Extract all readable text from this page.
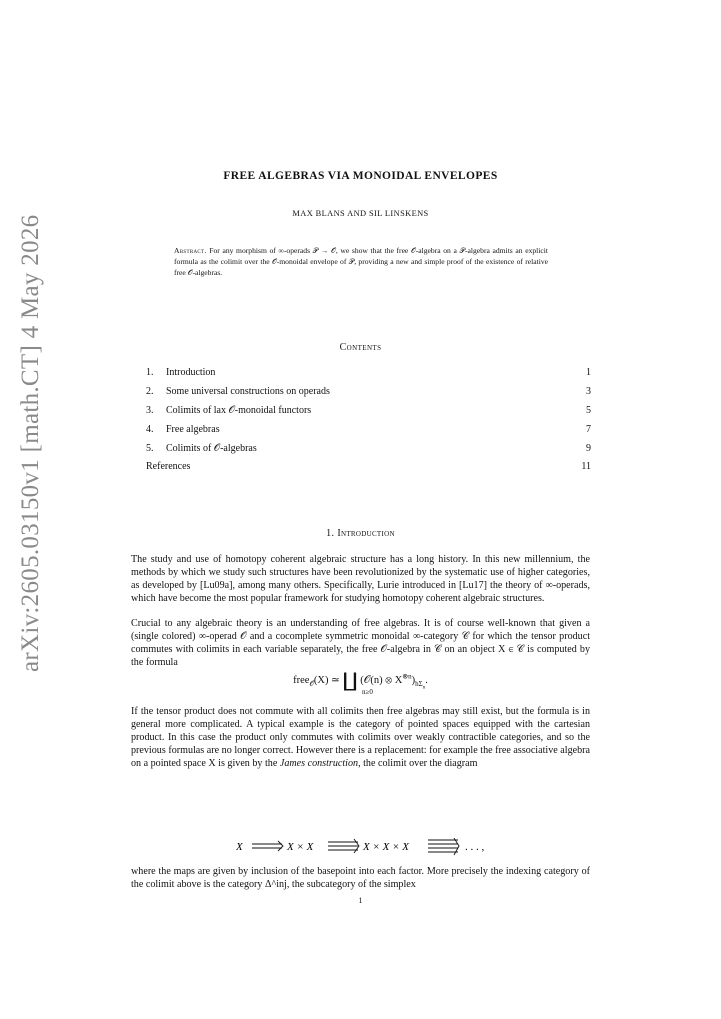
arXiv:2605.03150v1 [math.CT] 4 May 2026
FREE ALGEBRAS VIA MONOIDAL ENVELOPES
MAX BLANS AND SIL LINSKENS
Abstract. For any morphism of ∞-operads 𝒫 → 𝒪, we show that the free 𝒪-algebra on a 𝒫-algebra admits an explicit formula as the colimit over the 𝒪-monoidal envelope of 𝒫, providing a new and simple proof of the existence of relative free 𝒪-algebras.
Contents
1. Introduction	1
2. Some universal constructions on operads	3
3. Colimits of lax 𝒪-monoidal functors	5
4. Free algebras	7
5. Colimits of 𝒪-algebras	9
References	11
1. Introduction
The study and use of homotopy coherent algebraic structure has a long history. In this new millennium, the methods by which we study such structures have been revolutionized by the systematic use of higher categories, as developed by [Lu09a], among many others. Specifically, Lurie introduced in [Lu17] the theory of ∞-operads, which have become the most popular framework for studying homotopy coherent algebraic structures.
Crucial to any algebraic theory is an understanding of free algebras. It is of course well-known that given a (single colored) ∞-operad 𝒪 and a cocomplete symmetric monoidal ∞-category 𝒞 for which the tensor product commutes with colimits in each variable separately, the free 𝒪-algebra in 𝒞 on an object X ∈ 𝒞 is computed by the formula
free$_𝒪$(X) ≃ ∐ (𝒪(n) ⊗ $X^{\otimes n})_{h\Sigma_n}$.
n≥0
If the tensor product does not commute with all colimits then free algebras may still exist, but the formula is in general more complicated. A typical example is the category of pointed spaces equipped with the cartesian product. In this case the product only commutes with colimits over weakly contractible categories, and so the previous formulas are no longer correct. However there is a replacement: for example the free associative algebra on a pointed space X is given by the James construction, the colimit over the diagram
X	X × X	X × X × X	. . . ,
where the maps are given by inclusion of the basepoint into each factor. More precisely the indexing category of the colimit above is the category Δ^inj, the subcategory of the simplex
1
